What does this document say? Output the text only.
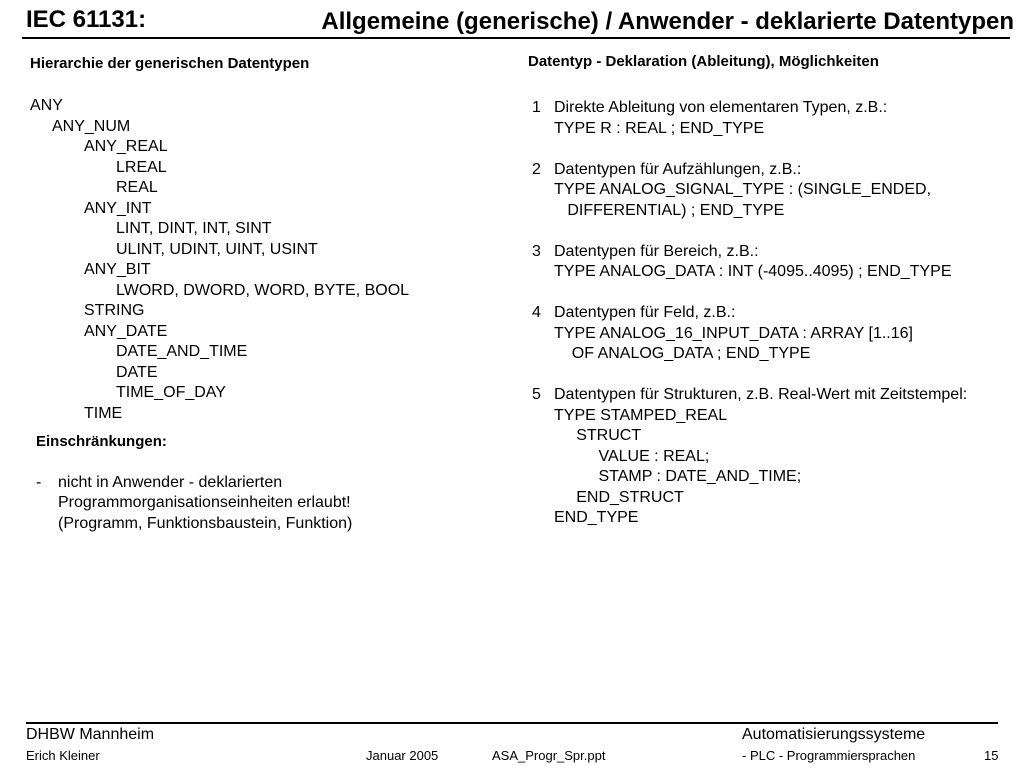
IEC 61131:	Allgemeine (generische) / Anwender - deklarierte Datentypen
Hierarchie der generischen Datentypen	Datentyp - Deklaration (Ableitung), Möglichkeiten
ANY
ANY_NUM
ANY_REAL
LREAL
REAL
ANY_INT
LINT, DINT, INT, SINT
ULINT, UDINT, UINT, USINT
ANY_BIT
LWORD, DWORD, WORD, BYTE, BOOL
STRING
ANY_DATE
DATE_AND_TIME
DATE
TIME_OF_DAY
TIME
Einschränkungen:
-	nicht in Anwender - deklarierten
Programmorganisationseinheiten erlaubt!
(Programm, Funktionsbaustein, Funktion)
1 Direkte Ableitung von elementaren Typen, z.B.:
TYPE R : REAL ; END_TYPE
2 Datentypen für Aufzählungen, z.B.:
TYPE ANALOG_SIGNAL_TYPE : (SINGLE_ENDED,
DIFFERENTIAL) ; END_TYPE
3 Datentypen für Bereich, z.B.:
TYPE ANALOG_DATA : INT (-4095..4095) ; END_TYPE
4 Datentypen für Feld, z.B.:
TYPE ANALOG_16_INPUT_DATA : ARRAY [1..16]
OF ANALOG_DATA ; END_TYPE
5 Datentypen für Strukturen, z.B. Real-Wert mit Zeitstempel:
TYPE STAMPED_REAL
STRUCT
VALUE : REAL;
STAMP : DATE_AND_TIME;
END_STRUCT
END_TYPE
DHBW Mannheim	Automatisierungssysteme
Erich Kleiner	Januar 2005	ASA_Progr_Spr.ppt	- PLC - Programmiersprachen	15
